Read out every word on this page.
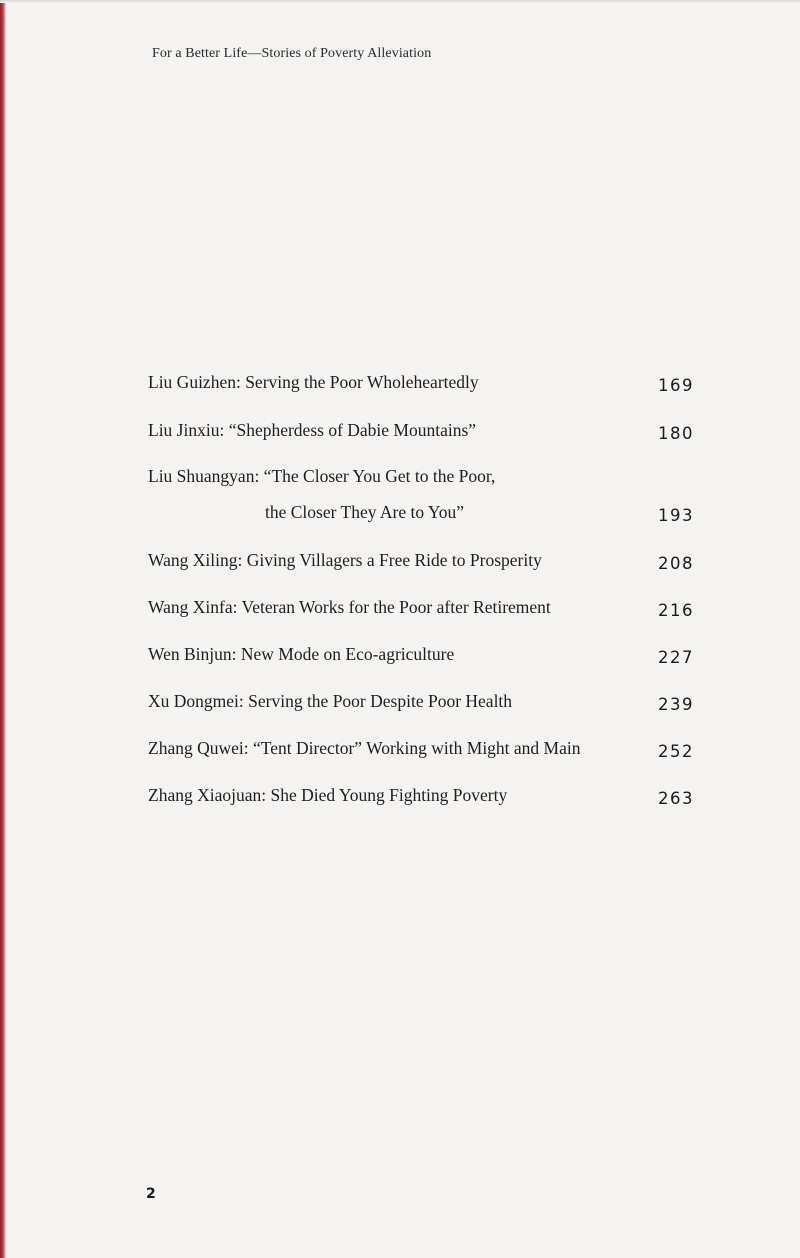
For a Better Life—Stories of Poverty Alleviation
Liu Guizhen: Serving the Poor Wholeheartedly	169
Liu Jinxiu: “Shepherdess of Dabie Mountains”	180
Liu Shuangyan: “The Closer You Get to the Poor,
the Closer They Are to You”	193
Wang Xiling: Giving Villagers a Free Ride to Prosperity	208
Wang Xinfa: Veteran Works for the Poor after Retirement	216
Wen Binjun: New Mode on Eco-agriculture	227
Xu Dongmei: Serving the Poor Despite Poor Health	239
Zhang Quwei: “Tent Director” Working with Might and Main	252
Zhang Xiaojuan: She Died Young Fighting Poverty	263
2
